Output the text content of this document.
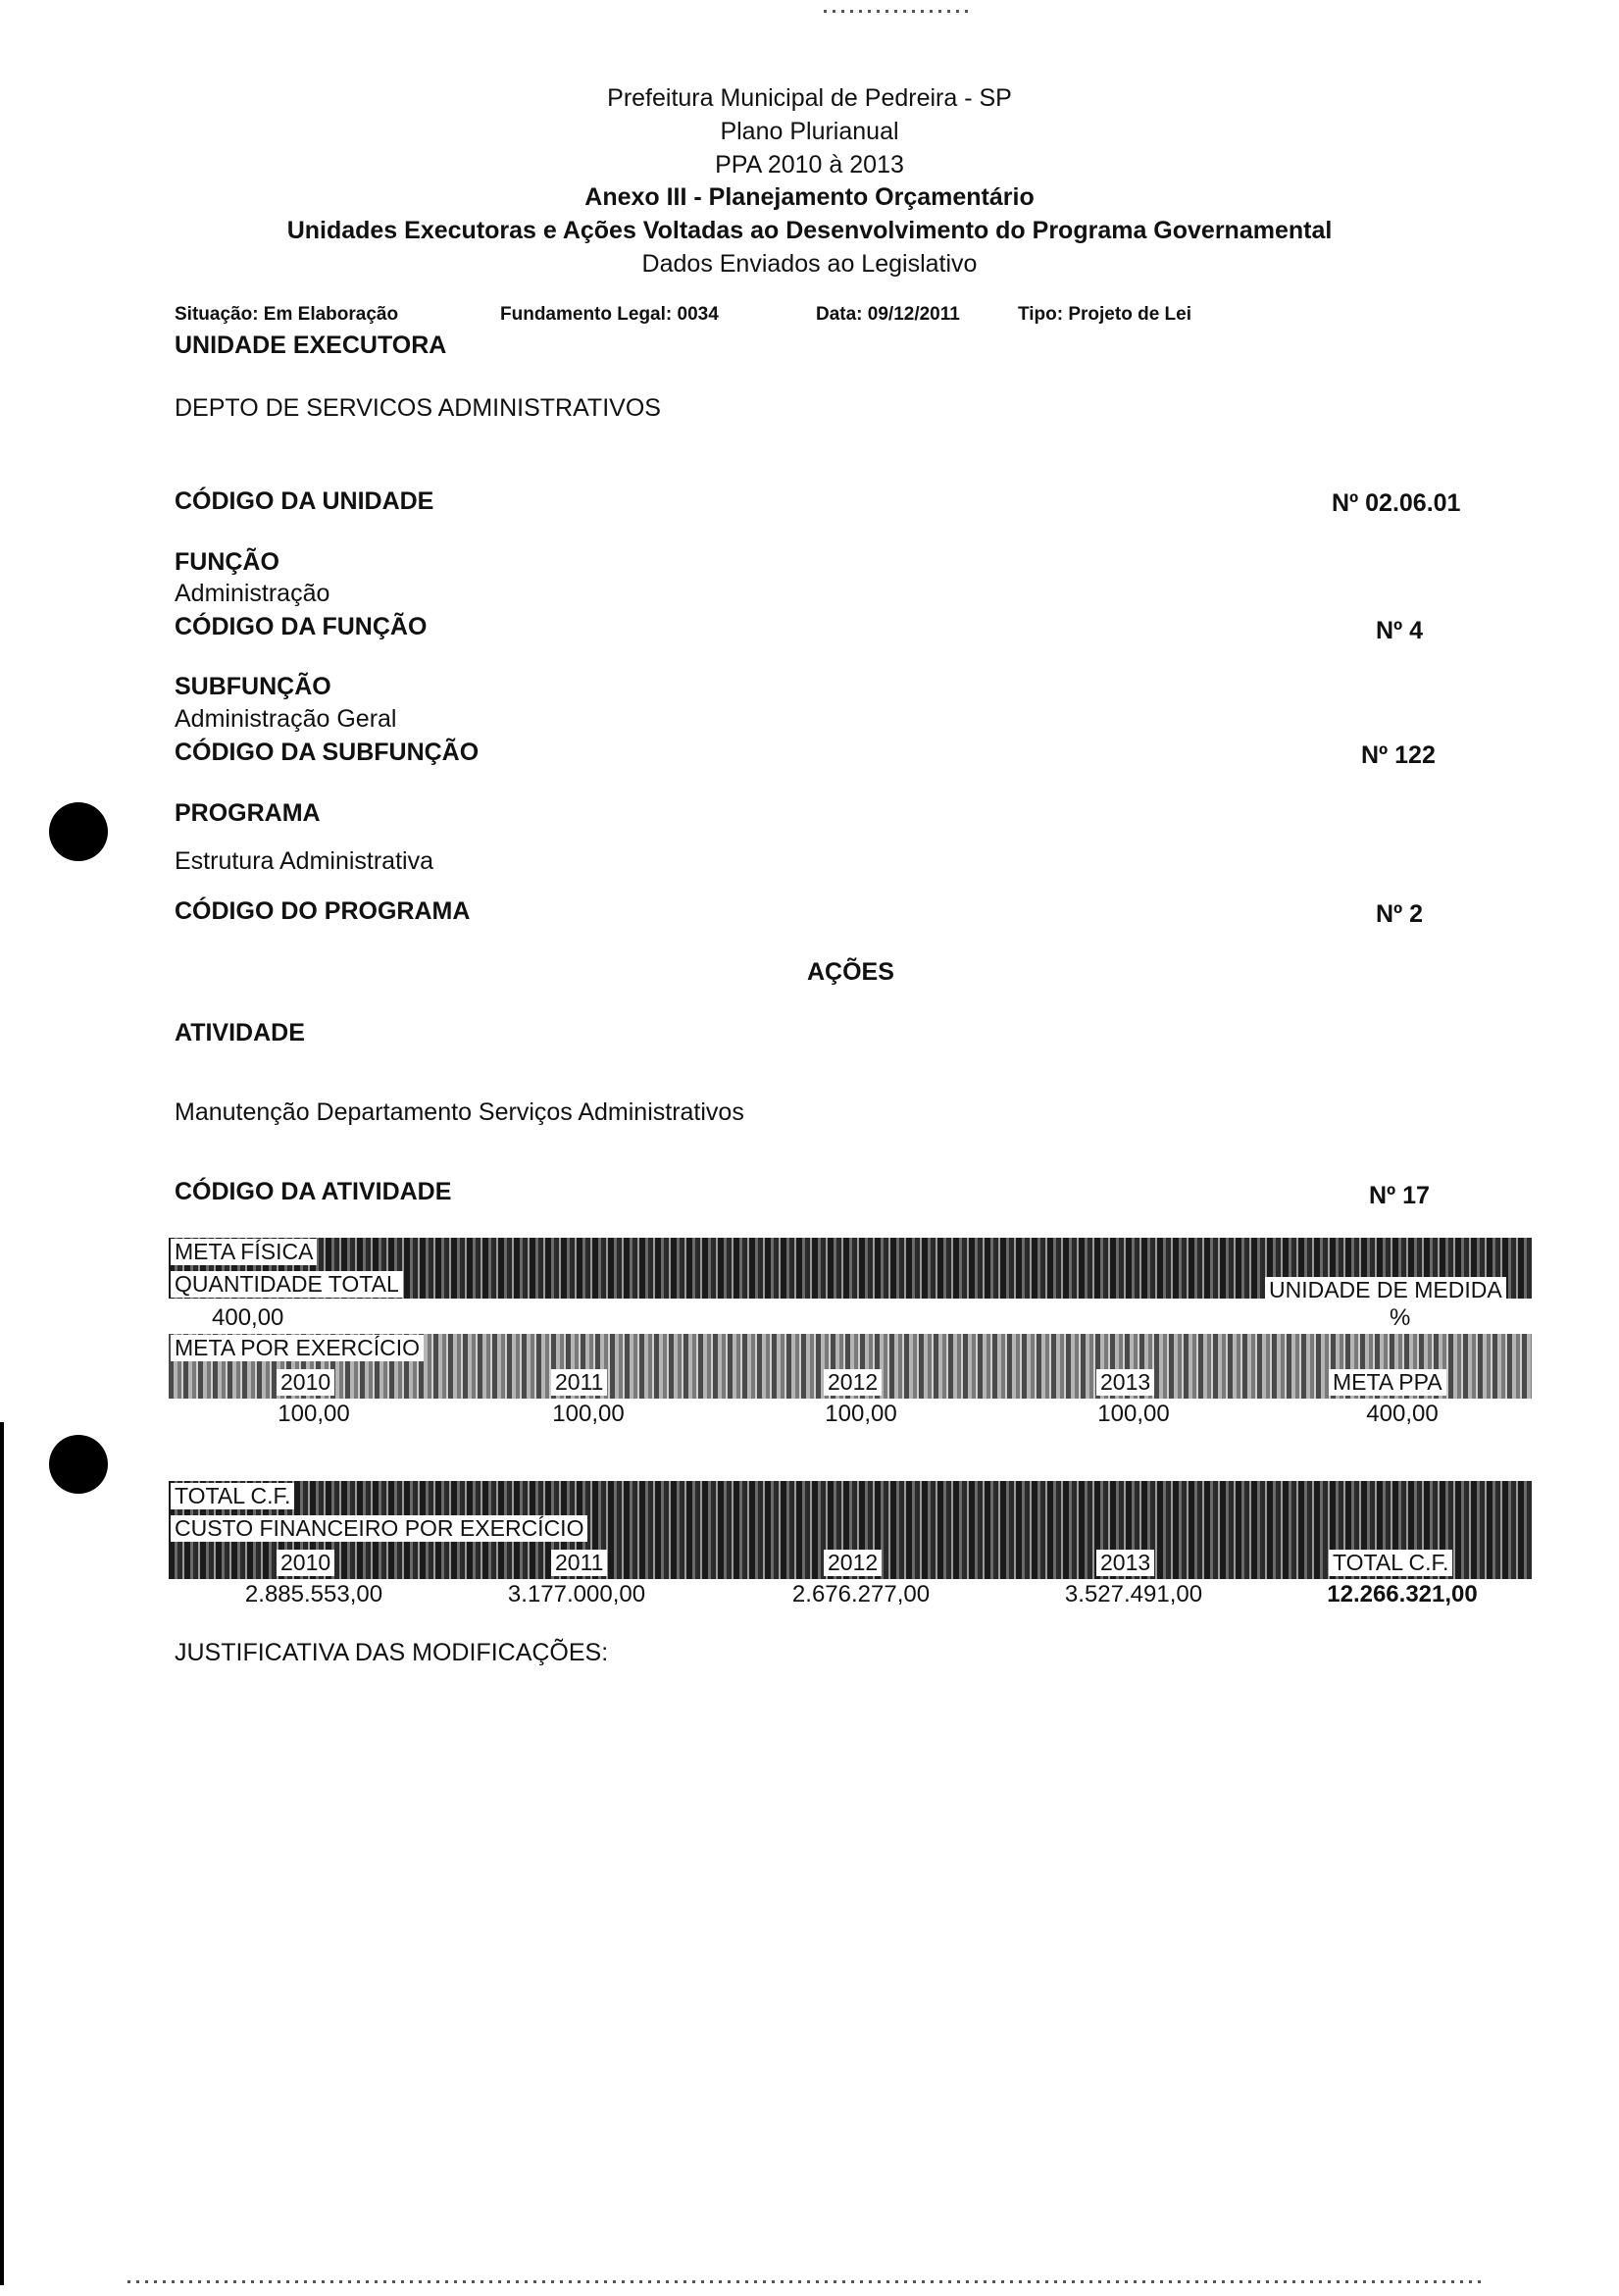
Prefeitura Municipal de Pedreira - SP
Plano Plurianual
PPA 2010 à 2013
Anexo III - Planejamento Orçamentário
Unidades Executoras e Ações Voltadas ao Desenvolvimento do Programa Governamental
Dados Enviados ao Legislativo
Situação: Em Elaboração	Fundamento Legal: 0034	Data: 09/12/2011	Tipo: Projeto de Lei
UNIDADE EXECUTORA
DEPTO DE SERVICOS ADMINISTRATIVOS
CÓDIGO DA UNIDADE	Nº 02.06.01
FUNÇÃO
Administração
CÓDIGO DA FUNÇÃO	Nº 4
SUBFUNÇÃO
Administração Geral
CÓDIGO DA SUBFUNÇÃO	Nº 122
PROGRAMA
Estrutura Administrativa
CÓDIGO DO PROGRAMA	Nº 2
AÇÕES
ATIVIDADE
Manutenção Departamento Serviços Administrativos
CÓDIGO DA ATIVIDADE	Nº 17
META FÍSICA
QUANTIDADE TOTAL	UNIDADE DE MEDIDA
400,00	%
META POR EXERCÍCIO
2010	2011	2012	2013	META PPA
100,00	100,00	100,00	100,00	400,00
TOTAL C.F.
CUSTO FINANCEIRO POR EXERCÍCIO
2010	2011	2012	2013	TOTAL C.F.
2.885.553,00	3.177.000,00	2.676.277,00	3.527.491,00	12.266.321,00
JUSTIFICATIVA DAS MODIFICAÇÕES:
